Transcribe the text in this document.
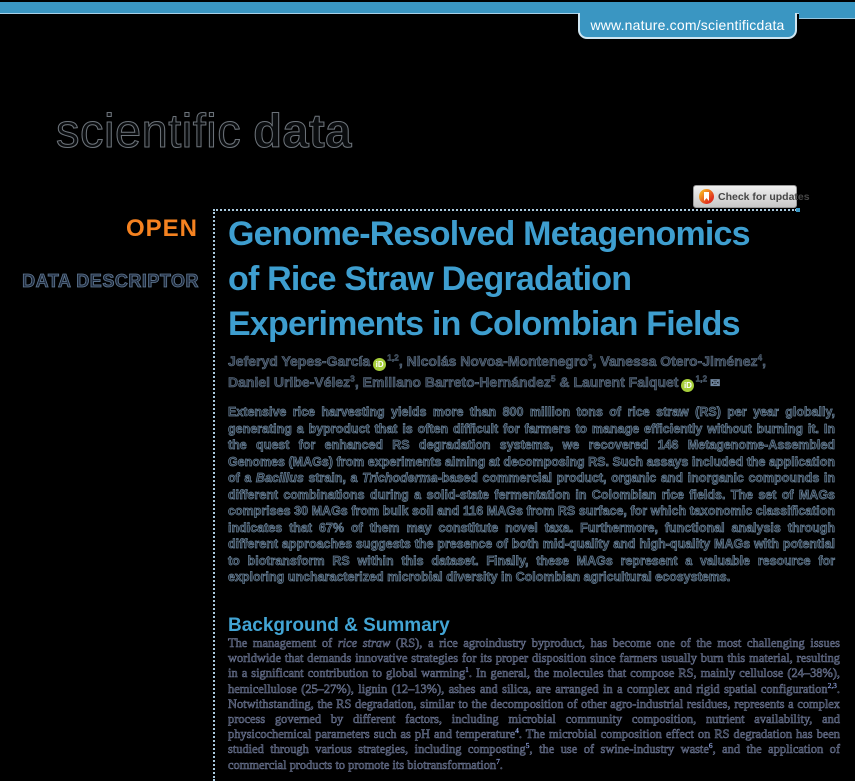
www.nature.com/scientificdata
scientific data
Check for updates
OPEN
DATA DESCRIPTOR
Genome-Resolved Metagenomics
of Rice Straw Degradation
Experiments in Colombian Fields

Jeferyd Yepes-García iD$^{1,2}$, Nicolás Novoa-Montenegro$^3$, Vanessa Otero-Jiménez$^4$,
Daniel Uribe-Vélez$^3$, Emiliano Barreto-Hernández$^5$ & Laurent Falquet iD$^{1,2}$ ✉

Extensive rice harvesting yields more than 800 million tons of rice straw (RS) per year globally, generating a byproduct that is often difficult for farmers to manage efficiently without burning it. In the quest for enhanced RS degradation systems, we recovered 146 Metagenome-Assembled Genomes (MAGs) from experiments aiming at decomposing RS. Such assays included the application of a Bacillus strain, a Trichoderma-based commercial product, organic and inorganic compounds in different combinations during a solid-state fermentation in Colombian rice fields. The set of MAGs comprises 30 MAGs from bulk soil and 116 MAGs from RS surface, for which taxonomic classification indicates that 67% of them may constitute novel taxa. Furthermore, functional analysis through different approaches suggests the presence of both mid-quality and high-quality MAGs with potential to biotransform RS within this dataset. Finally, these MAGs represent a valuable resource for exploring uncharacterized microbial diversity in Colombian agricultural ecosystems.

Background & Summary

The management of rice straw (RS), a rice agroindustry byproduct, has become one of the most challenging issues worldwide that demands innovative strategies for its proper disposition since farmers usually burn this material, resulting in a significant contribution to global warming$^1$. In general, the molecules that compose RS, mainly cellulose (24–38%), hemicellulose (25–27%), lignin (12–13%), ashes and silica, are arranged in a complex and rigid spatial configuration$^{2,3}$. Notwithstanding, the RS degradation, similar to the decomposition of other agro-industrial residues, represents a complex process governed by different factors, including microbial community composition, nutrient availability, and physicochemical parameters such as pH and temperature$^4$. The microbial composition effect on RS degradation has been studied through various strategies, including composting$^5$, the use of swine-industry waste$^6$, and the application of commercial products to promote its biotransformation$^7$.
